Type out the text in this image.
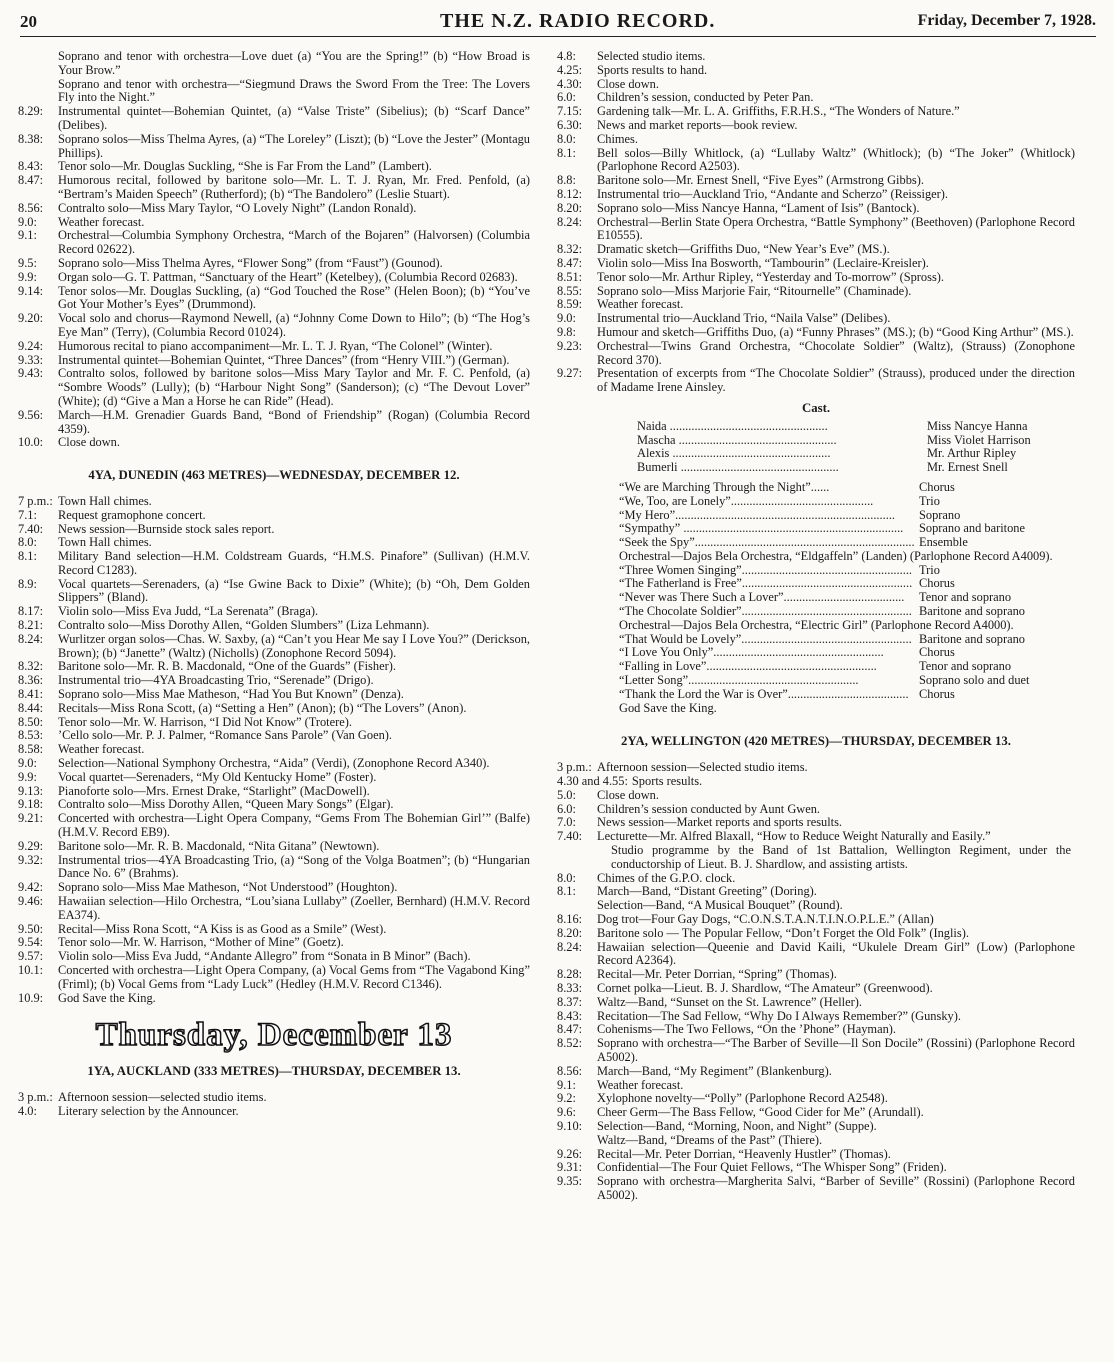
20	THE N.Z. RADIO RECORD.	Friday, December 7, 1928.
Soprano and tenor with orchestra—Love duet (a) “You are the Spring!” (b) “How Broad is Your Brow.”
Soprano and tenor with orchestra—“Siegmund Draws the Sword From the Tree: The Lovers Fly into the Night.”
8.29:	Instrumental quintet—Bohemian Quintet, (a) “Valse Triste” (Sibelius); (b) “Scarf Dance” (Delibes).
8.38:	Soprano solos—Miss Thelma Ayres, (a) “The Loreley” (Liszt); (b) “Love the Jester” (Montagu Phillips).
8.43:	Tenor solo—Mr. Douglas Suckling, “She is Far From the Land” (Lambert).
8.47:	Humorous recital, followed by baritone solo—Mr. L. T. J. Ryan, Mr. Fred. Penfold, (a) “Bertram’s Maiden Speech” (Rutherford); (b) “The Bandolero” (Leslie Stuart).
8.56:	Contralto solo—Miss Mary Taylor, “O Lovely Night” (Landon Ronald).
9.0:	Weather forecast.
9.1:	Orchestral—Columbia Symphony Orchestra, “March of the Bojaren” (Halvorsen) (Columbia Record 02622).
9.5:	Soprano solo—Miss Thelma Ayres, “Flower Song” (from “Faust”) (Gounod).
9.9:	Organ solo—G. T. Pattman, “Sanctuary of the Heart” (Ketelbey), (Columbia Record 02683).
9.14:	Tenor solos—Mr. Douglas Suckling, (a) “God Touched the Rose” (Helen Boon); (b) “You’ve Got Your Mother’s Eyes” (Drummond).
9.20:	Vocal solo and chorus—Raymond Newell, (a) “Johnny Come Down to Hilo”; (b) “The Hog’s Eye Man” (Terry), (Columbia Record 01024).
9.24:	Humorous recital to piano accompaniment—Mr. L. T. J. Ryan, “The Colonel” (Winter).
9.33:	Instrumental quintet—Bohemian Quintet, “Three Dances” (from “Henry VIII.”) (German).
9.43:	Contralto solos, followed by baritone solos—Miss Mary Taylor and Mr. F. C. Penfold, (a) “Sombre Woods” (Lully); (b) “Harbour Night Song” (Sanderson); (c) “The Devout Lover” (White); (d) “Give a Man a Horse he can Ride” (Head).
9.56:	March—H.M. Grenadier Guards Band, “Bond of Friendship” (Rogan) (Columbia Record 4359).
10.0:	Close down.
4YA, DUNEDIN (463 METRES)—WEDNESDAY, DECEMBER 12.
7 p.m.: Town Hall chimes.
7.1:	Request gramophone concert.
7.40:	News session—Burnside stock sales report.
8.0:	Town Hall chimes.
8.1:	Military Band selection—H.M. Coldstream Guards, “H.M.S. Pinafore” (Sullivan) (H.M.V. Record C1283).
8.9:	Vocal quartets—Serenaders, (a) “Ise Gwine Back to Dixie” (White); (b) “Oh, Dem Golden Slippers” (Bland).
8.17:	Violin solo—Miss Eva Judd, “La Serenata” (Braga).
8.21:	Contralto solo—Miss Dorothy Allen, “Golden Slumbers” (Liza Lehmann).
8.24:	Wurlitzer organ solos—Chas. W. Saxby, (a) “Can’t you Hear Me say I Love You?” (Derickson, Brown); (b) “Janette” (Waltz) (Nicholls) (Zonophone Record 5094).
8.32:	Baritone solo—Mr. R. B. Macdonald, “One of the Guards” (Fisher).
8.36:	Instrumental trio—4YA Broadcasting Trio, “Serenade” (Drigo).
8.41:	Soprano solo—Miss Mae Matheson, “Had You But Known” (Denza).
8.44:	Recitals—Miss Rona Scott, (a) “Setting a Hen” (Anon); (b) “The Lovers” (Anon).
8.50:	Tenor solo—Mr. W. Harrison, “I Did Not Know” (Trotere).
8.53:	’Cello solo—Mr. P. J. Palmer, “Romance Sans Parole” (Van Goen).
8.58:	Weather forecast.
9.0:	Selection—National Symphony Orchestra, “Aida” (Verdi), (Zonophone Record A340).
9.9:	Vocal quartet—Serenaders, “My Old Kentucky Home” (Foster).
9.13:	Pianoforte solo—Mrs. Ernest Drake, “Starlight” (MacDowell).
9.18:	Contralto solo—Miss Dorothy Allen, “Queen Mary Songs” (Elgar).
9.21:	Concerted with orchestra—Light Opera Company, “Gems From The Bohemian Girl’” (Balfe) (H.M.V. Record EB9).
9.29:	Baritone solo—Mr. R. B. Macdonald, “Nita Gitana” (Newtown).
9.32:	Instrumental trios—4YA Broadcasting Trio, (a) “Song of the Volga Boatmen”; (b) “Hungarian Dance No. 6” (Brahms).
9.42:	Soprano solo—Miss Mae Matheson, “Not Understood” (Houghton).
9.46:	Hawaiian selection—Hilo Orchestra, “Lou’siana Lullaby” (Zoeller, Bernhard) (H.M.V. Record EA374).
9.50:	Recital—Miss Rona Scott, “A Kiss is as Good as a Smile” (West).
9.54:	Tenor solo—Mr. W. Harrison, “Mother of Mine” (Goetz).
9.57:	Violin solo—Miss Eva Judd, “Andante Allegro” from “Sonata in B Minor” (Bach).
10.1:	Concerted with orchestra—Light Opera Company, (a) Vocal Gems from “The Vagabond King” (Friml); (b) Vocal Gems from “Lady Luck” (Hedley (H.M.V. Record C1346).
10.9:	God Save the King.
Thursday, December 13
1YA, AUCKLAND (333 METRES)—THURSDAY, DECEMBER 13.
3 p.m.: Afternoon session—selected studio items.
4.0:	Literary selection by the Announcer.
4.8:	Selected studio items.
4.25:	Sports results to hand.
4.30:	Close down.
6.0:	Children’s session, conducted by Peter Pan.
7.15:	Gardening talk—Mr. L. A. Griffiths, F.R.H.S., “The Wonders of Nature.”
6.30:	News and market reports—book review.
8.0:	Chimes.
8.1:	Bell solos—Billy Whitlock, (a) “Lullaby Waltz” (Whitlock); (b) “The Joker” (Whitlock) (Parlophone Record A2503).
8.8:	Baritone solo—Mr. Ernest Snell, “Five Eyes” (Armstrong Gibbs).
8.12:	Instrumental trio—Auckland Trio, “Andante and Scherzo” (Reissiger).
8.20:	Soprano solo—Miss Nancye Hanna, “Lament of Isis” (Bantock).
8.24:	Orchestral—Berlin State Opera Orchestra, “Battle Symphony” (Beethoven) (Parlophone Record E10555).
8.32:	Dramatic sketch—Griffiths Duo, “New Year’s Eve” (MS.).
8.47:	Violin solo—Miss Ina Bosworth, “Tambourin” (Leclaire-Kreisler).
8.51:	Tenor solo—Mr. Arthur Ripley, “Yesterday and To-morrow” (Spross).
8.55:	Soprano solo—Miss Marjorie Fair, “Ritournelle” (Chaminade).
8.59:	Weather forecast.
9.0:	Instrumental trio—Auckland Trio, “Naila Valse” (Delibes).
9.8:	Humour and sketch—Griffiths Duo, (a) “Funny Phrases” (MS.); (b) “Good King Arthur” (MS.).
9.23:	Orchestral—Twins Grand Orchestra, “Chocolate Soldier” (Waltz), (Strauss) (Zonophone Record 370).
9.27:	Presentation of excerpts from “The Chocolate Soldier” (Strauss), produced under the direction of Madame Irene Ainsley.
Cast.
Naida ...................................................	Miss Nancye Hanna
Mascha ...................................................	Miss Violet Harrison
Alexis ...................................................	Mr. Arthur Ripley
Bumerli ...................................................	Mr. Ernest Snell
“We are Marching Through the Night”......	Chorus
“We, Too, are Lonely”..............................................	Trio
“My Hero”.......................................................................	Soprano
“Sympathy” .......................................................................	Soprano and baritone
“Seek the Spy”....................................................................... Ensemble
Orchestral—Dajos Bela Orchestra, “Eldgaffeln” (Landen) (Parlophone Record A4009).
“Three Women Singing”....................................................... Trio
“The Fatherland is Free”....................................................... Chorus
“Never was There Such a Lover”.......................................	Tenor and soprano
“The Chocolate Soldier”....................................................... Baritone and soprano
Orchestral—Dajos Bela Orchestra, “Electric Girl” (Parlophone Record A4000).
“That Would be Lovely”....................................................... Baritone and soprano
“I Love You Only”.......................................................	Chorus
“Falling in Love”.......................................................	Tenor and soprano
“Letter Song”.......................................................	Soprano solo and duet
“Thank the Lord the War is Over”....................................... Chorus
God Save the King.
2YA, WELLINGTON (420 METRES)—THURSDAY, DECEMBER 13.
3 p.m.: Afternoon session—Selected studio items.
4.30 and 4.55: Sports results.
5.0:	Close down.
6.0:	Children’s session conducted by Aunt Gwen.
7.0:	News session—Market reports and sports results.
7.40:	Lecturette—Mr. Alfred Blaxall, “How to Reduce Weight Naturally and Easily.”
Studio programme by the Band of 1st Battalion, Wellington Regiment, under the conductorship of Lieut. B. J. Shardlow, and assisting artists.
8.0:	Chimes of the G.P.O. clock.
8.1:	March—Band, “Distant Greeting” (Doring).
Selection—Band, “A Musical Bouquet” (Round).
8.16:	Dog trot—Four Gay Dogs, “C.O.N.S.T.A.N.T.I.N.O.P.L.E.” (Allan)
8.20:	Baritone solo — The Popular Fellow, “Don’t Forget the Old Folk” (Inglis).
8.24:	Hawaiian selection—Queenie and David Kaili, “Ukulele Dream Girl” (Low) (Parlophone Record A2364).
8.28:	Recital—Mr. Peter Dorrian, “Spring” (Thomas).
8.33:	Cornet polka—Lieut. B. J. Shardlow, “The Amateur” (Greenwood).
8.37:	Waltz—Band, “Sunset on the St. Lawrence” (Heller).
8.43:	Recitation—The Sad Fellow, “Why Do I Always Remember?” (Gunsky).
8.47:	Cohenisms—The Two Fellows, “On the ’Phone” (Hayman).
8.52:	Soprano with orchestra—“The Barber of Seville—Il Son Docile” (Rossini) (Parlophone Record A5002).
8.56:	March—Band, “My Regiment” (Blankenburg).
9.1:	Weather forecast.
9.2:	Xylophone novelty—“Polly” (Parlophone Record A2548).
9.6:	Cheer Germ—The Bass Fellow, “Good Cider for Me” (Arundall).
9.10:	Selection—Band, “Morning, Noon, and Night” (Suppe).
Waltz—Band, “Dreams of the Past” (Thiere).
9.26:	Recital—Mr. Peter Dorrian, “Heavenly Hustler” (Thomas).
9.31:	Confidential—The Four Quiet Fellows, “The Whisper Song” (Friden).
9.35:	Soprano with orchestra—Margherita Salvi, “Barber of Seville” (Rossini) (Parlophone Record A5002).
